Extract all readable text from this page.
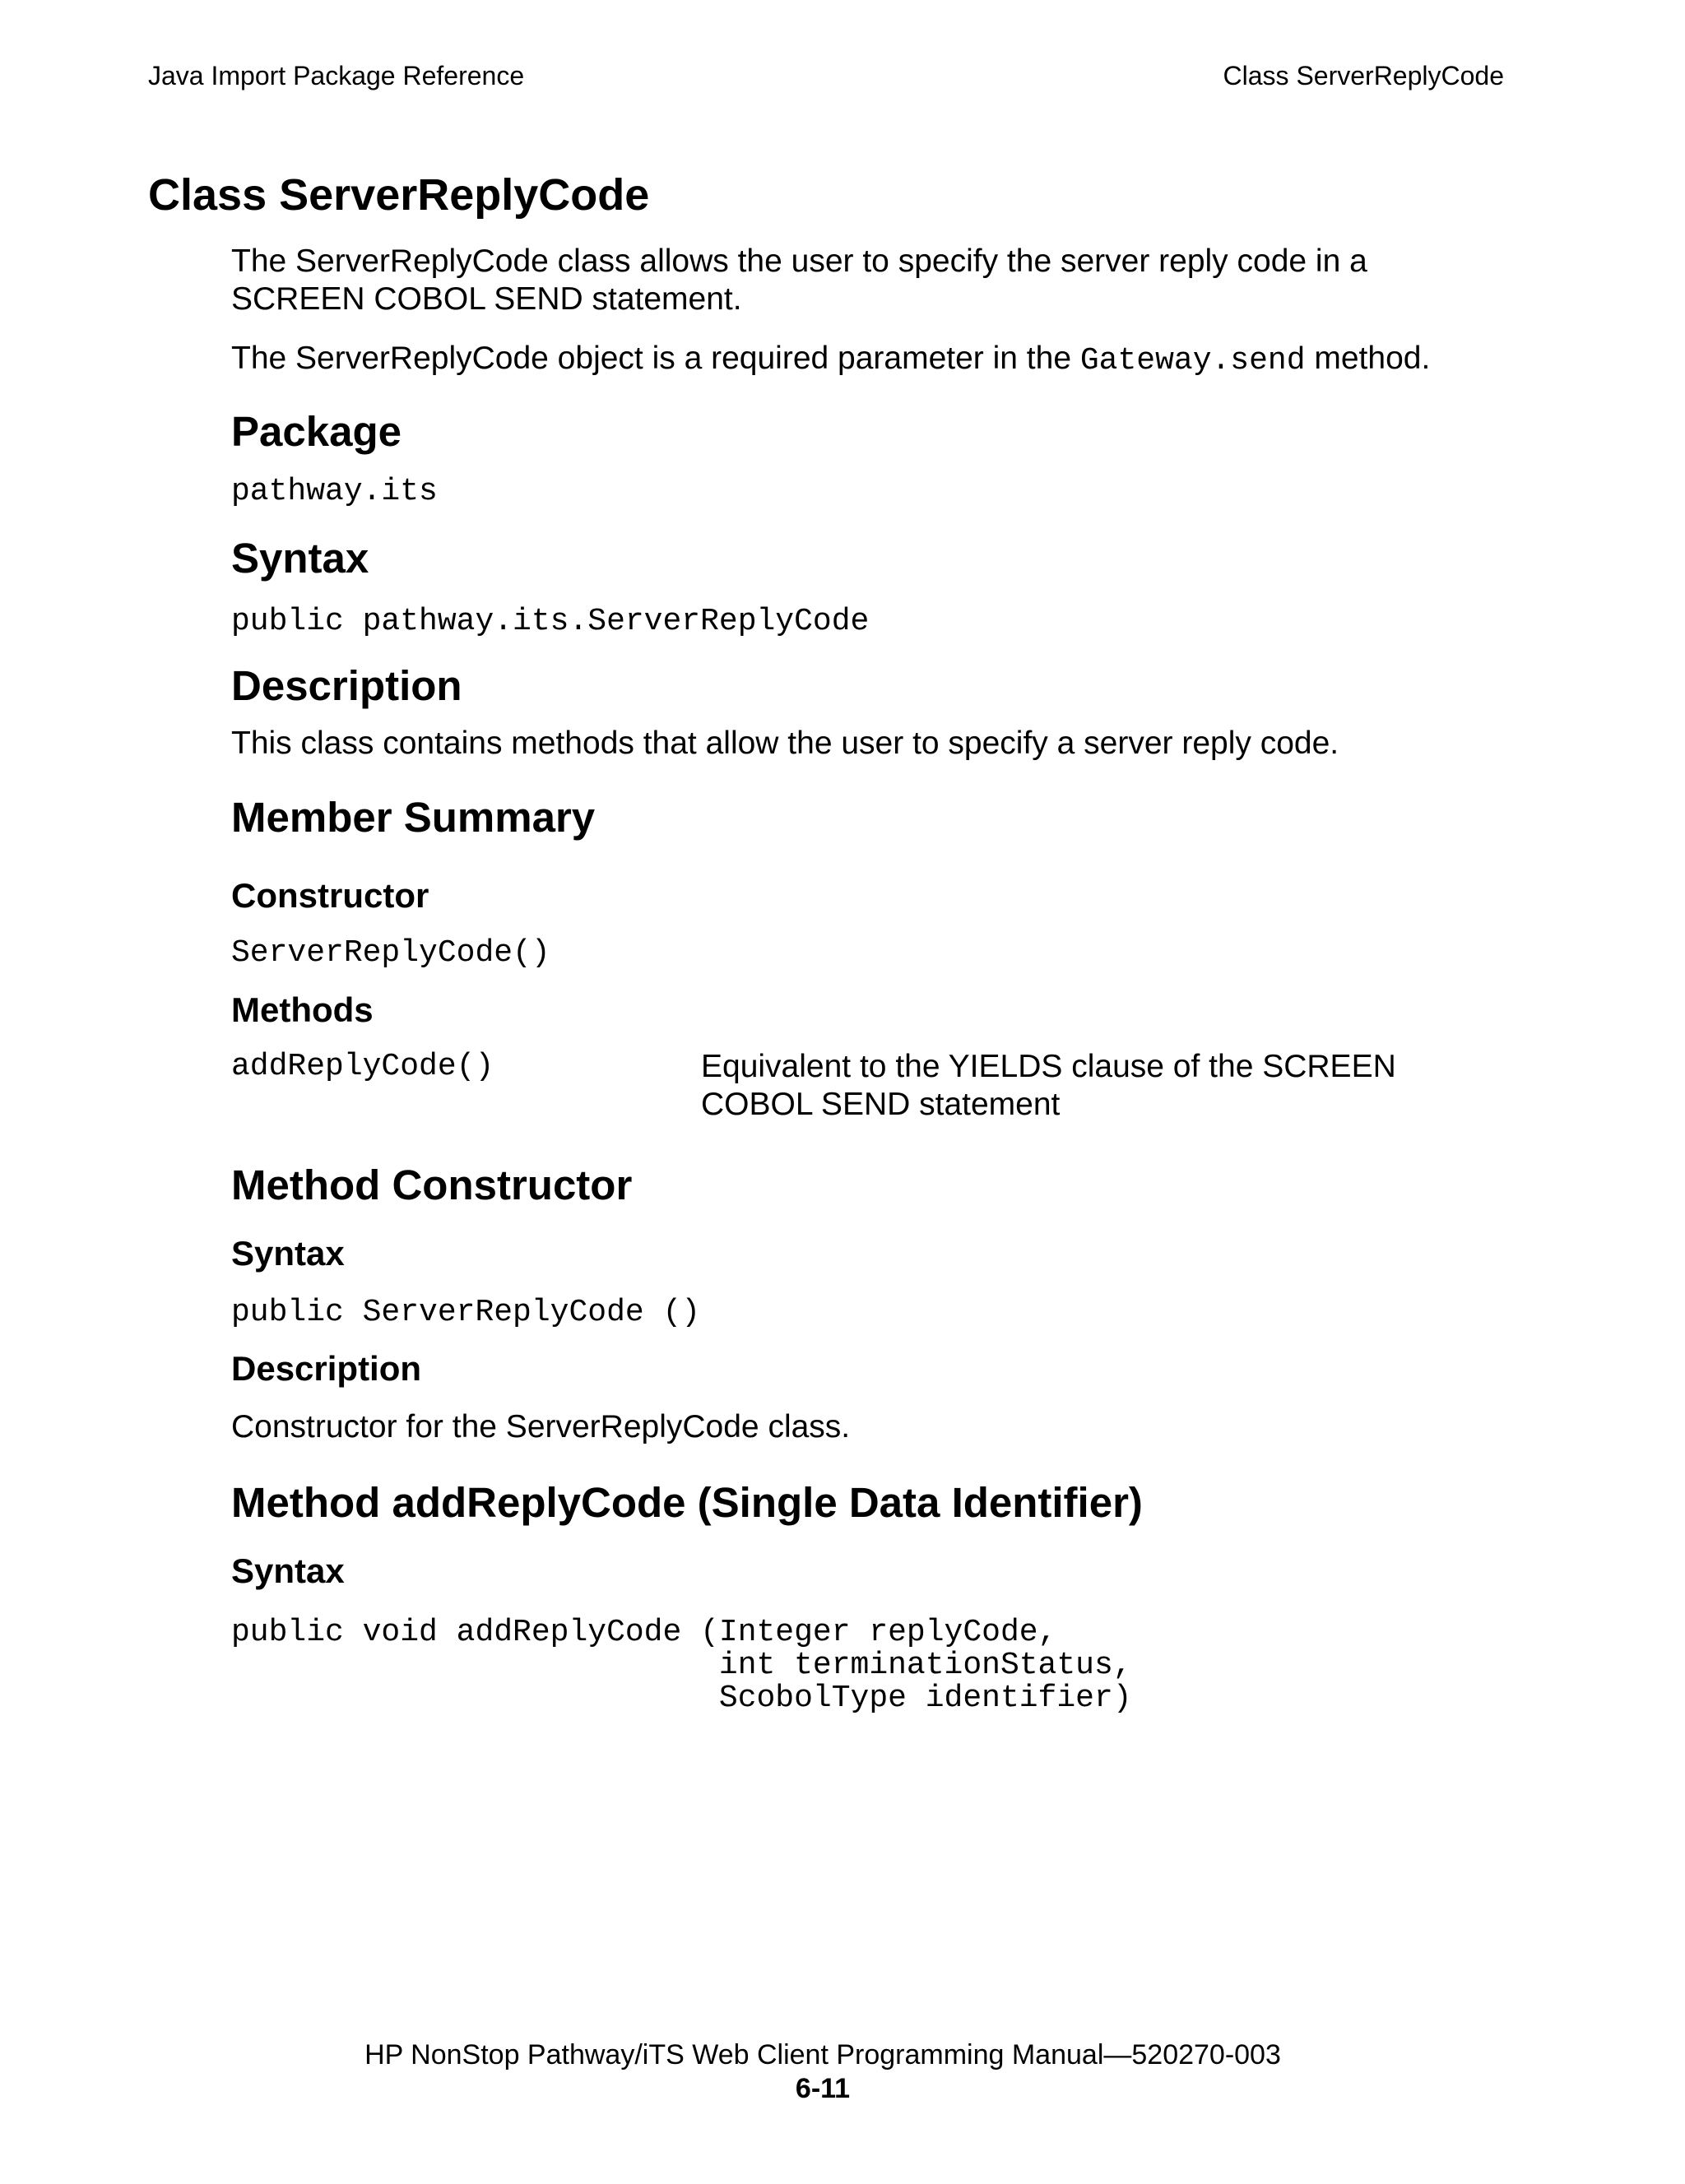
Java Import Package Reference	Class ServerReplyCode
Class ServerReplyCode

The ServerReplyCode class allows the user to specify the server reply code in a SCREEN COBOL SEND statement.

The ServerReplyCode object is a required parameter in the Gateway.send method.

Package
pathway.its
Syntax
public pathway.its.ServerReplyCode
Description

This class contains methods that allow the user to specify a server reply code.

Member Summary
Constructor
ServerReplyCode()
Methods
addReplyCode()	Equivalent to the YIELDS clause of the SCREEN COBOL SEND statement

Method Constructor
Syntax
public ServerReplyCode ()
Description

Constructor for the ServerReplyCode class.

Method addReplyCode (Single Data Identifier)
Syntax
public void addReplyCode (Integer replyCode,
int terminationStatus,
ScobolType identifier)
HP NonStop Pathway/iTS Web Client Programming Manual—520270-003
6-11
